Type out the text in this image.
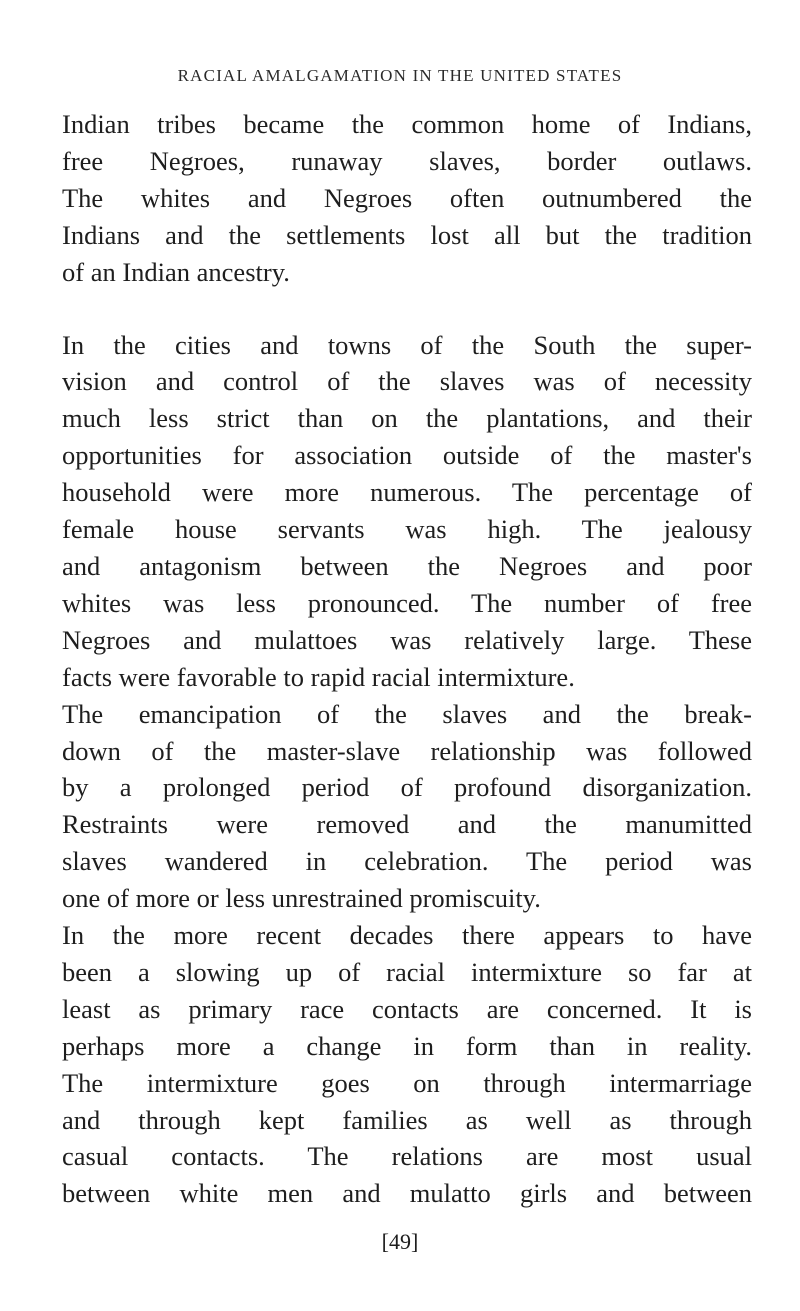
RACIAL AMALGAMATION IN THE UNITED STATES
Indian tribes became the common home of Indians,
free Negroes, runaway slaves, border outlaws.
The whites and Negroes often outnumbered the
Indians and the settlements lost all but the tradition
of an Indian ancestry.
In the cities and towns of the South the super-
vision and control of the slaves was of necessity
much less strict than on the plantations, and their
opportunities for association outside of the master's
household were more numerous. The percentage of
female house servants was high. The jealousy
and antagonism between the Negroes and poor
whites was less pronounced. The number of free
Negroes and mulattoes was relatively large. These
facts were favorable to rapid racial intermixture.
The emancipation of the slaves and the break-
down of the master-slave relationship was followed
by a prolonged period of profound disorganization.
Restraints were removed and the manumitted
slaves wandered in celebration. The period was
one of more or less unrestrained promiscuity.
In the more recent decades there appears to have
been a slowing up of racial intermixture so far at
least as primary race contacts are concerned. It is
perhaps more a change in form than in reality.
The intermixture goes on through intermarriage
and through kept families as well as through
casual contacts. The relations are most usual
between white men and mulatto girls and between
[49]
